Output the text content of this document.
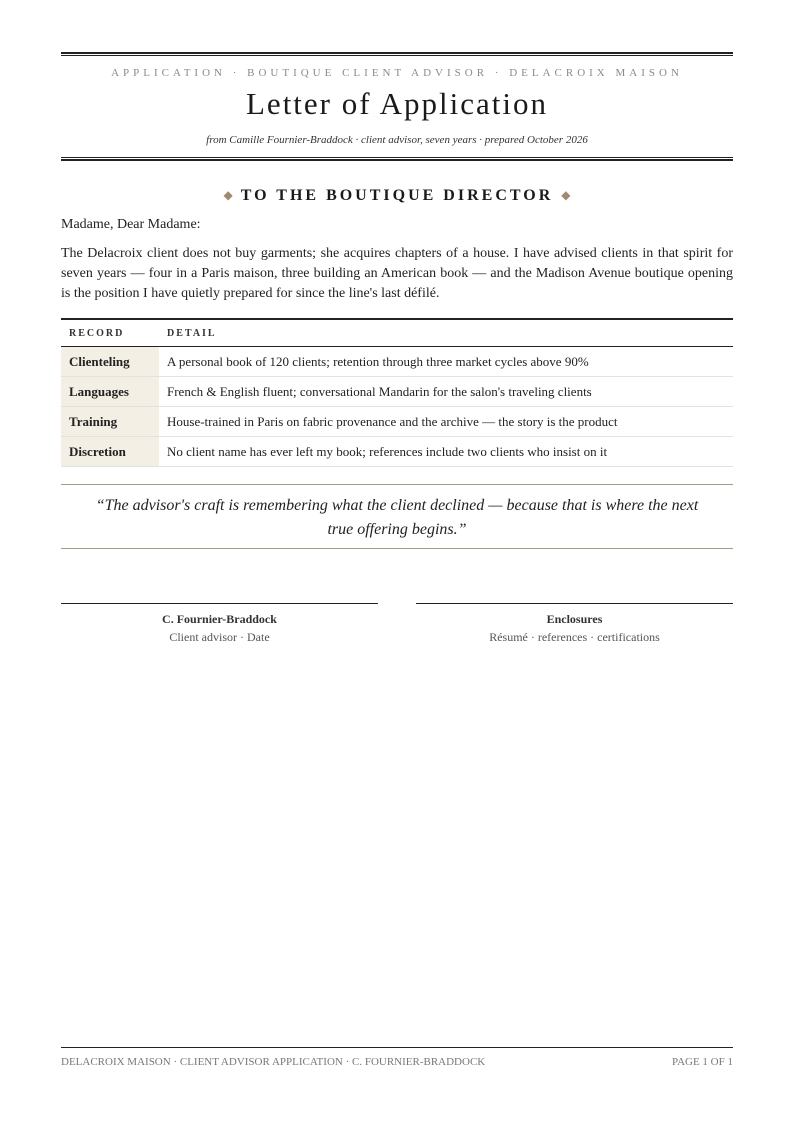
APPLICATION · BOUTIQUE CLIENT ADVISOR · DELACROIX MAISON
Letter of Application
from Camille Fournier-Braddock · client advisor, seven years · prepared October 2026
◆ TO THE BOUTIQUE DIRECTOR ◆
Madame, Dear Madame:
The Delacroix client does not buy garments; she acquires chapters of a house. I have advised clients in that spirit for seven years — four in a Paris maison, three building an American book — and the Madison Avenue boutique opening is the position I have quietly prepared for since the line's last défilé.
RECORD	DETAIL
Clienteling	A personal book of 120 clients; retention through three market cycles above 90%
Languages	French & English fluent; conversational Mandarin for the salon's traveling clients
Training	House-trained in Paris on fabric provenance and the archive — the story is the product
Discretion	No client name has ever left my book; references include two clients who insist on it

“The advisor's craft is remembering what the client declined — because that is where the next true offering begins.”

C. Fournier-Braddock
Client advisor · Date
Enclosures
Résumé · references · certifications
DELACROIX MAISON · CLIENT ADVISOR APPLICATION · C. FOURNIER-BRADDOCK	PAGE 1 OF 1
